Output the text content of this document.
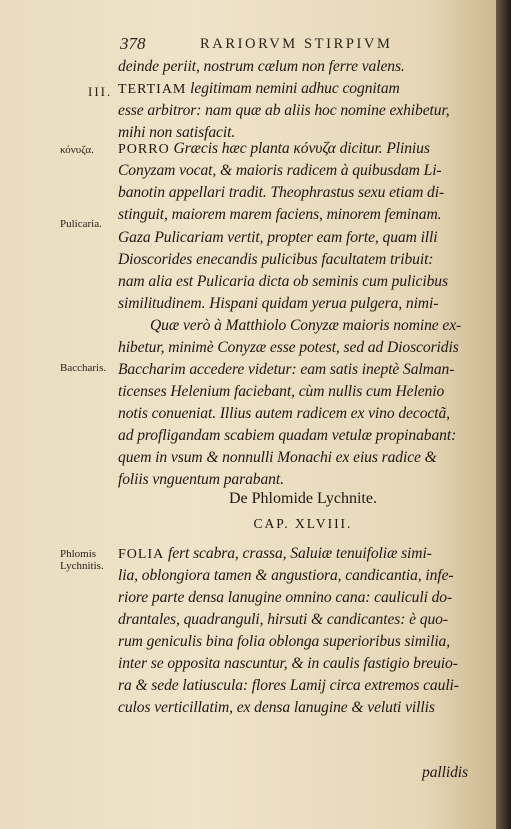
378	RARIORVM STIRPIVM
deinde periit, nostrum cælum non ferre valens.
III. TERTIAM legitimam nemini adhuc cognitam
esse arbitror: nam quæ ab aliis hoc nomine exhibetur,
mihi non satisfacit.
κόνυζα. PORRO Græcis hæc planta κόνυζα dicitur. Plinius
Conyzam vocat, & maioris radicem à quibusdam Li-
banotin appellari tradit. Theophrastus sexu etiam di-
stinguit, maiorem marem faciens, minorem feminam.
Pulicaria.
Gaza Pulicariam vertit, propter eam forte, quam illi
Dioscorides enecandis pulicibus facultatem tribuit:
nam alia est Pulicaria dicta ob seminis cum pulicibus
similitudinem. Hispani quidam yerua pulgera, nimi-
Quæ verò à Matthiolo Conyzæ maioris nomine ex-
hibetur, minimè Conyzæ esse potest, sed ad Dioscoridis
Baccharis. Baccharim accedere videtur: eam satis ineptè Salman-
ticenses Helenium faciebant, cùm nullis cum Helenio
notis conueniat. Illius autem radicem ex vino decoctã,
ad profligandam scabiem quadam vetulæ propinabant:
quem in vsum & nonnulli Monachi ex eius radice &
foliis vnguentum parabant.
De Phlomide Lychnite.
CAP. XLVIII.
Phlomis
Lychnitis.
FOLIA fert scabra, crassa, Saluiæ tenuifoliæ simi-
lia, oblongiora tamen & angustiora, candicantia, infe-
riore parte densa lanugine omnino cana: cauliculi do-
drantales, quadranguli, hirsuti & candicantes: è quo-
rum geniculis bina folia oblonga superioribus similia,
inter se opposita nascuntur, & in caulis fastigio breuio-
ra & sede latiuscula: flores Lamij circa extremos cauli-
culos verticillatim, ex densa lanugine & veluti villis
pallidis
